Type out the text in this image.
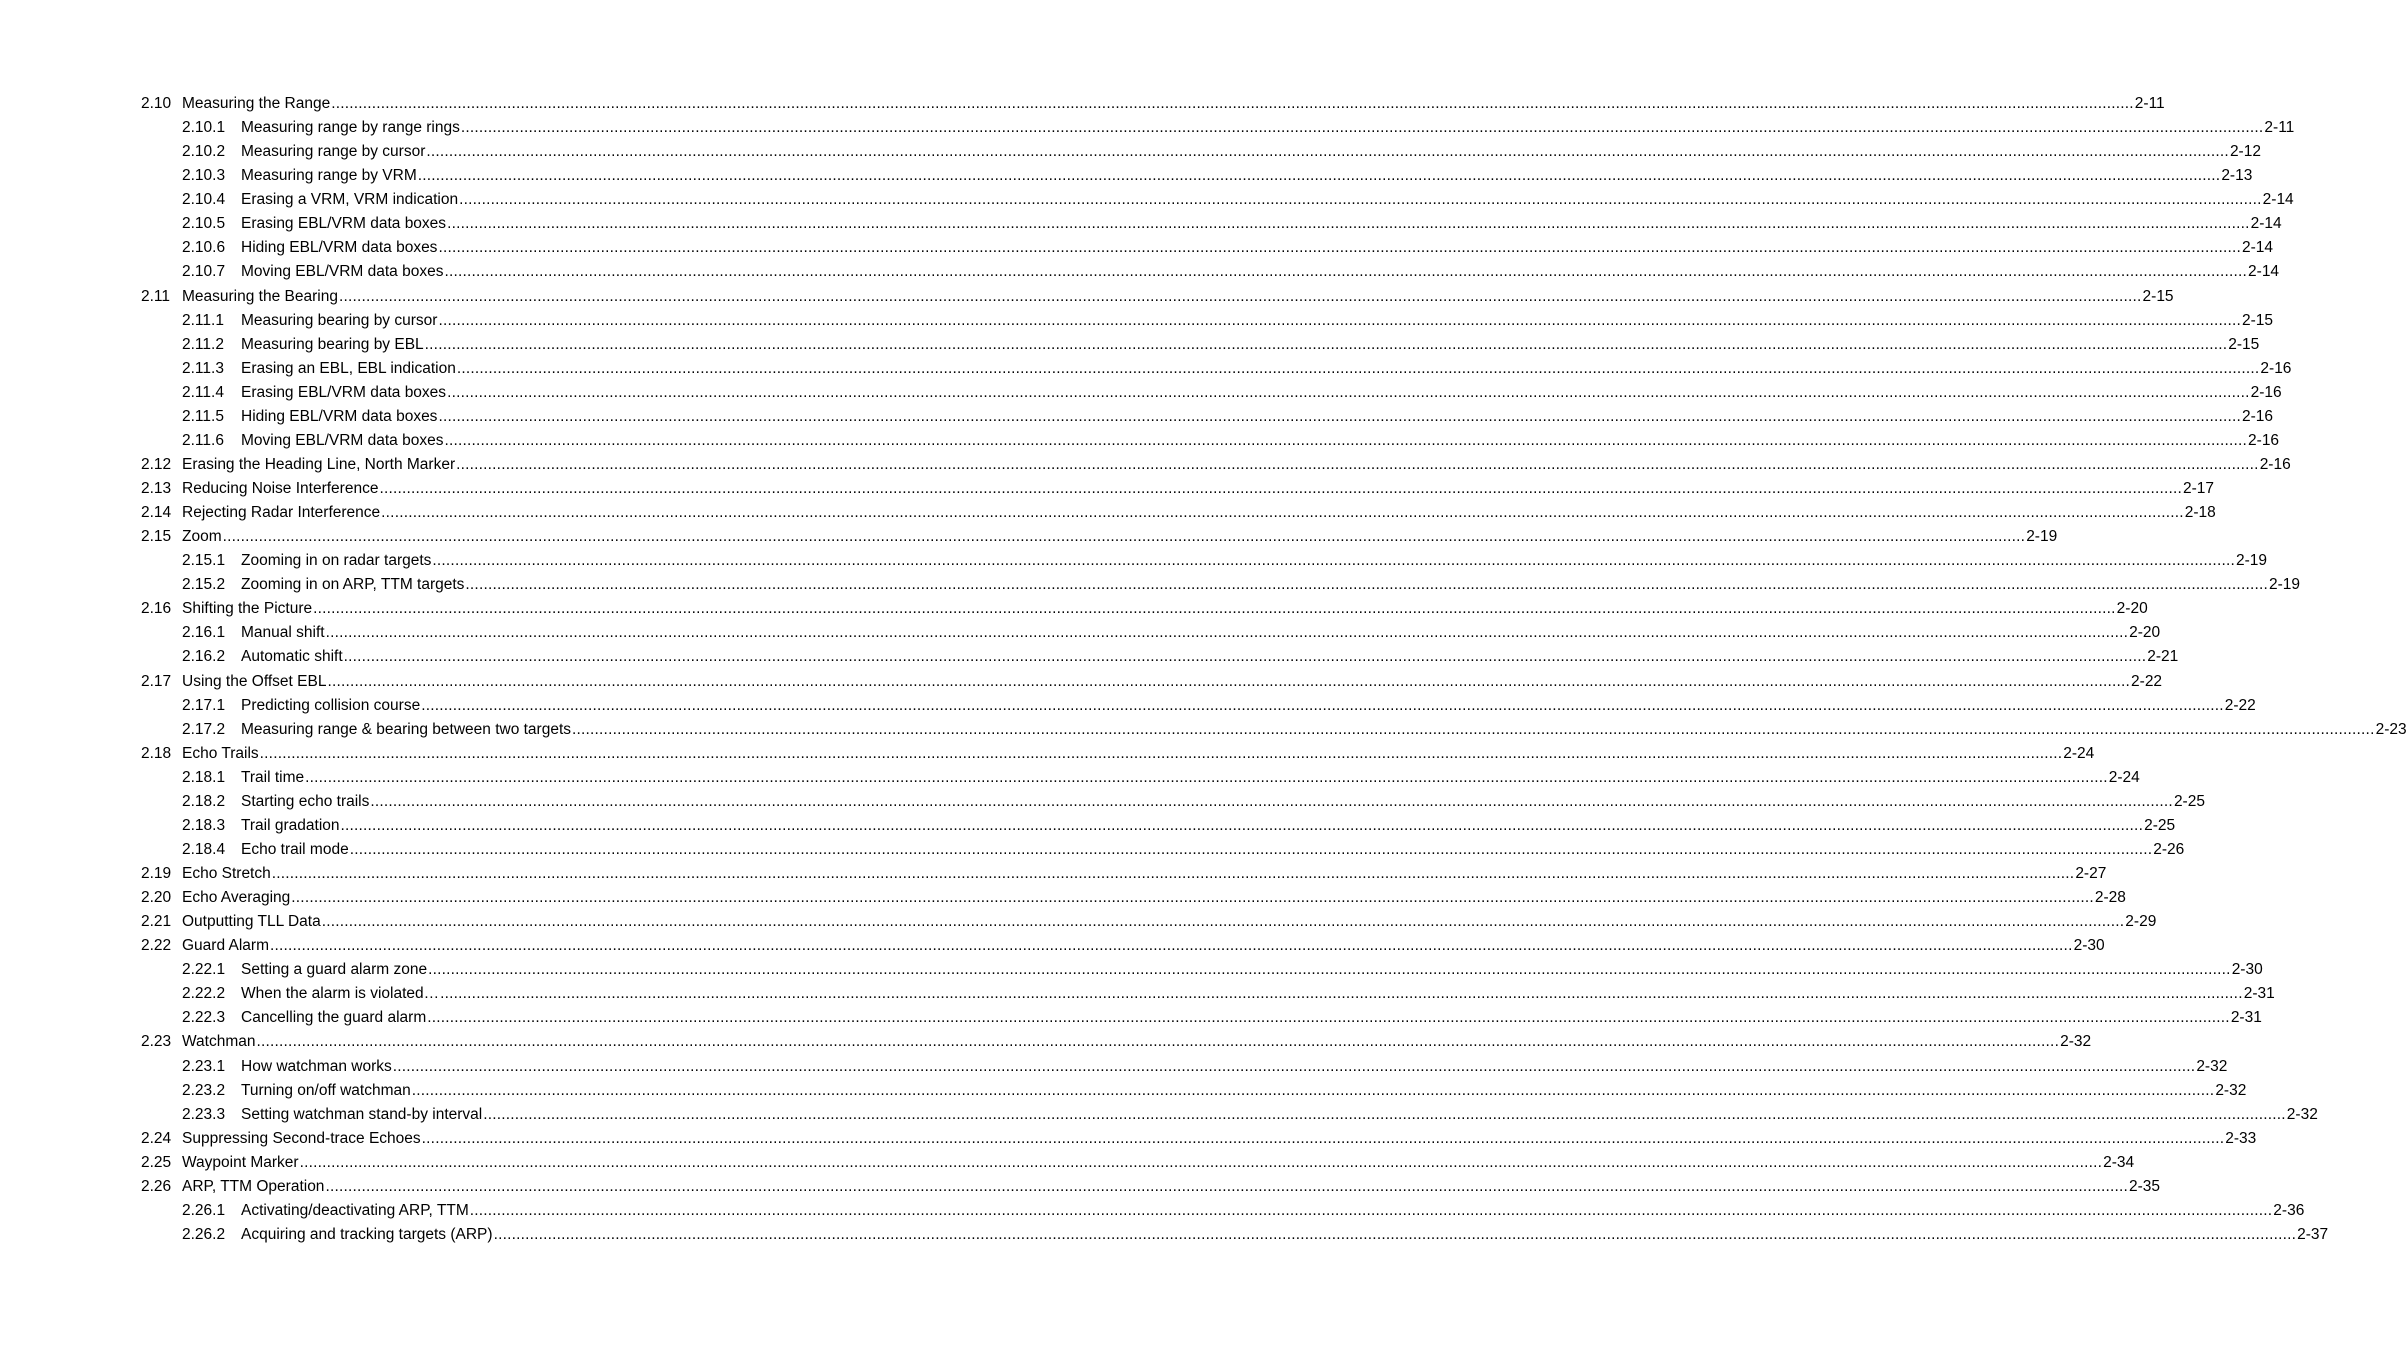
2.10 Measuring the Range ................................................................................................................................................................................................................................................................................................................................................................................................................ 2-11
2.10.1 Measuring range by range rings ................................................................................................................................................................................................................................................................................................................................................................................................................ 2-11
2.10.2 Measuring range by cursor ................................................................................................................................................................................................................................................................................................................................................................................................................ 2-12
2.10.3 Measuring range by VRM ................................................................................................................................................................................................................................................................................................................................................................................................................ 2-13
2.10.4 Erasing a VRM, VRM indication ................................................................................................................................................................................................................................................................................................................................................................................................................ 2-14
2.10.5 Erasing EBL/VRM data boxes ................................................................................................................................................................................................................................................................................................................................................................................................................ 2-14
2.10.6 Hiding EBL/VRM data boxes ................................................................................................................................................................................................................................................................................................................................................................................................................ 2-14
2.10.7 Moving EBL/VRM data boxes ................................................................................................................................................................................................................................................................................................................................................................................................................ 2-14
2.11 Measuring the Bearing ................................................................................................................................................................................................................................................................................................................................................................................................................ 2-15
2.11.1 Measuring bearing by cursor ................................................................................................................................................................................................................................................................................................................................................................................................................ 2-15
2.11.2 Measuring bearing by EBL ................................................................................................................................................................................................................................................................................................................................................................................................................ 2-15
2.11.3 Erasing an EBL, EBL indication ................................................................................................................................................................................................................................................................................................................................................................................................................ 2-16
2.11.4 Erasing EBL/VRM data boxes ................................................................................................................................................................................................................................................................................................................................................................................................................ 2-16
2.11.5 Hiding EBL/VRM data boxes ................................................................................................................................................................................................................................................................................................................................................................................................................ 2-16
2.11.6 Moving EBL/VRM data boxes ................................................................................................................................................................................................................................................................................................................................................................................................................ 2-16
2.12 Erasing the Heading Line, North Marker ................................................................................................................................................................................................................................................................................................................................................................................................................ 2-16
2.13 Reducing Noise Interference ................................................................................................................................................................................................................................................................................................................................................................................................................ 2-17
2.14 Rejecting Radar Interference ................................................................................................................................................................................................................................................................................................................................................................................................................ 2-18
2.15 Zoom ................................................................................................................................................................................................................................................................................................................................................................................................................ 2-19
2.15.1 Zooming in on radar targets ................................................................................................................................................................................................................................................................................................................................................................................................................ 2-19
2.15.2 Zooming in on ARP, TTM targets ................................................................................................................................................................................................................................................................................................................................................................................................................ 2-19
2.16 Shifting the Picture ................................................................................................................................................................................................................................................................................................................................................................................................................ 2-20
2.16.1 Manual shift ................................................................................................................................................................................................................................................................................................................................................................................................................ 2-20
2.16.2 Automatic shift ................................................................................................................................................................................................................................................................................................................................................................................................................ 2-21
2.17 Using the Offset EBL ................................................................................................................................................................................................................................................................................................................................................................................................................ 2-22
2.17.1 Predicting collision course ................................................................................................................................................................................................................................................................................................................................................................................................................ 2-22
2.17.2 Measuring range & bearing between two targets ................................................................................................................................................................................................................................................................................................................................................................................................................ 2-23
2.18 Echo Trails ................................................................................................................................................................................................................................................................................................................................................................................................................ 2-24
2.18.1 Trail time ................................................................................................................................................................................................................................................................................................................................................................................................................ 2-24
2.18.2 Starting echo trails ................................................................................................................................................................................................................................................................................................................................................................................................................ 2-25
2.18.3 Trail gradation ................................................................................................................................................................................................................................................................................................................................................................................................................ 2-25
2.18.4 Echo trail mode ................................................................................................................................................................................................................................................................................................................................................................................................................ 2-26
2.19 Echo Stretch ................................................................................................................................................................................................................................................................................................................................................................................................................ 2-27
2.20 Echo Averaging ................................................................................................................................................................................................................................................................................................................................................................................................................ 2-28
2.21 Outputting TLL Data ................................................................................................................................................................................................................................................................................................................................................................................................................ 2-29
2.22 Guard Alarm ................................................................................................................................................................................................................................................................................................................................................................................................................ 2-30
2.22.1 Setting a guard alarm zone ................................................................................................................................................................................................................................................................................................................................................................................................................ 2-30
2.22.2 When the alarm is violated… ................................................................................................................................................................................................................................................................................................................................................................................................................ 2-31
2.22.3 Cancelling the guard alarm ................................................................................................................................................................................................................................................................................................................................................................................................................ 2-31
2.23 Watchman ................................................................................................................................................................................................................................................................................................................................................................................................................ 2-32
2.23.1 How watchman works ................................................................................................................................................................................................................................................................................................................................................................................................................ 2-32
2.23.2 Turning on/off watchman ................................................................................................................................................................................................................................................................................................................................................................................................................ 2-32
2.23.3 Setting watchman stand-by interval ................................................................................................................................................................................................................................................................................................................................................................................................................ 2-32
2.24 Suppressing Second-trace Echoes ................................................................................................................................................................................................................................................................................................................................................................................................................ 2-33
2.25 Waypoint Marker ................................................................................................................................................................................................................................................................................................................................................................................................................ 2-34
2.26 ARP, TTM Operation ................................................................................................................................................................................................................................................................................................................................................................................................................ 2-35
2.26.1 Activating/deactivating ARP, TTM ................................................................................................................................................................................................................................................................................................................................................................................................................ 2-36
2.26.2 Acquiring and tracking targets (ARP) ................................................................................................................................................................................................................................................................................................................................................................................................................ 2-37
